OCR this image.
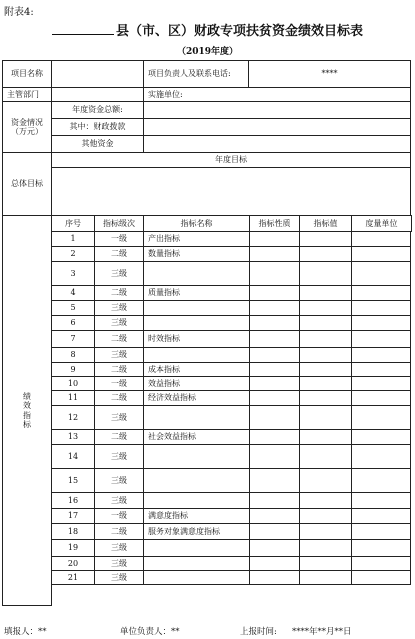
附表4:
县（市、区）财政专项扶贫资金绩效目标表
（2019年度）
项目名称	项目负责人及联系电话:	****
主管部门	实施单位:
资金情况
（万元）
年度资金总额:
其中：财政拨款
其他资金
总体目标
年度目标
绩
效
指
标
序号	指标级次	指标名称	指标性质	指标值	度量单位
1	一级	产出指标
2	二级	数量指标
3	三级
4	二级	质量指标
5	三级
6	三级
7	二级	时效指标
8	三级
9	二级	成本指标
10	一级	效益指标
11	二级	经济效益指标
12	三级
13	二级	社会效益指标
14	三级
15	三级
16	三级
17	一级	满意度指标
18	二级	服务对象满意度指标
19	三级
20	三级
21	三级
填报人：**	单位负责人：**	上报时间: ****年**月**日
